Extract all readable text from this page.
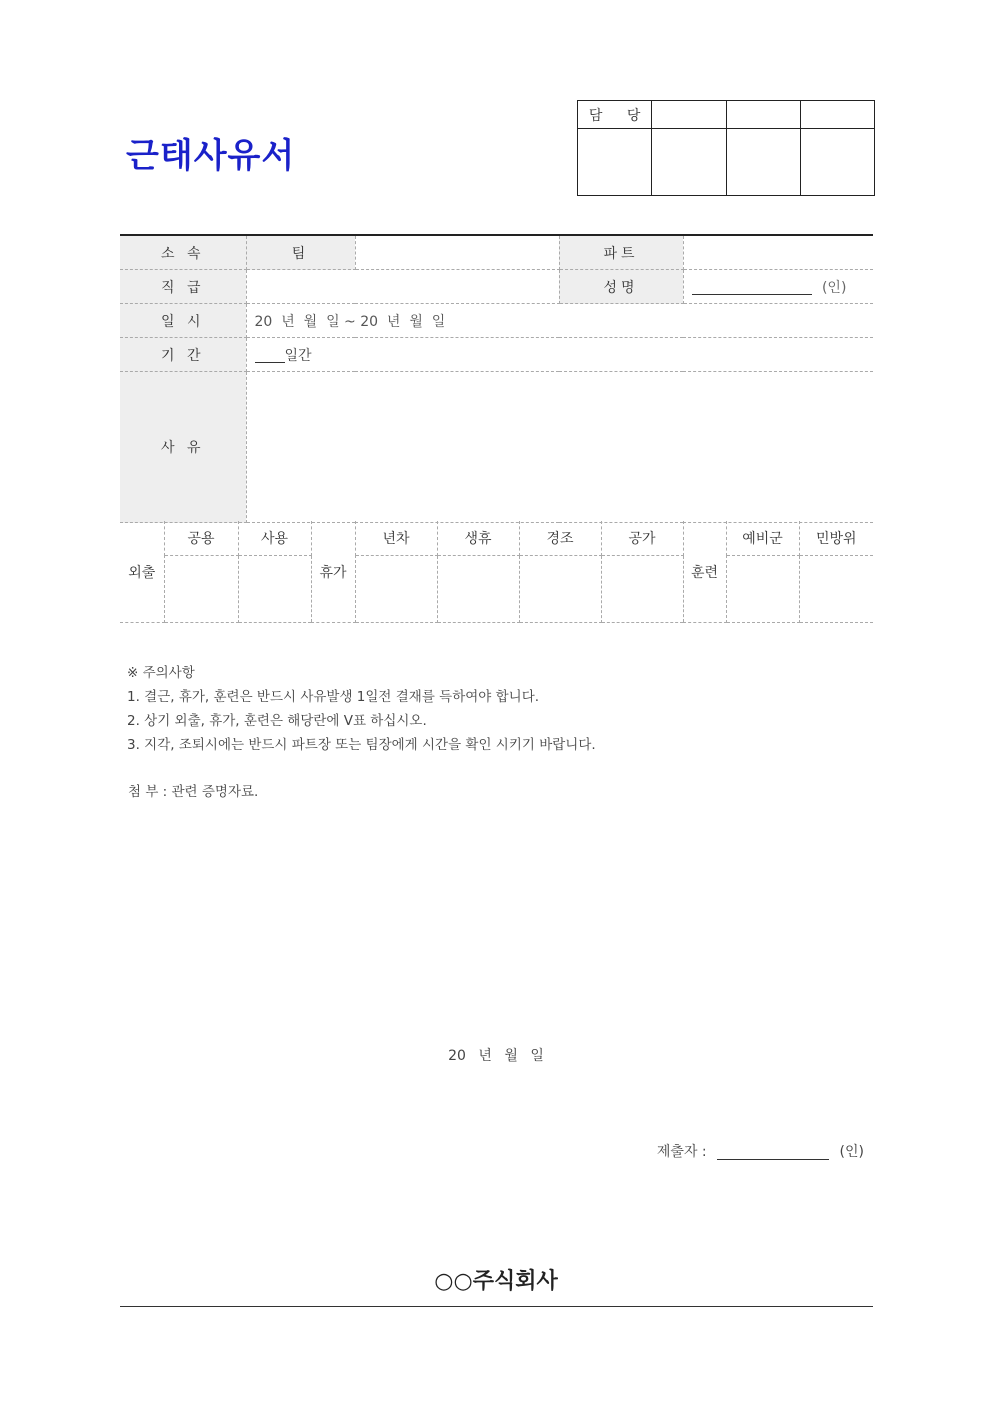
근태사유서
담 당			

소 속	팀		파트	
직 급			성명	(인)
일 시	20  년  월  일 ~ 20  년  월  일			
기 간	일간			
사 유				
외출	공용	사용	휴가	년차	생휴	경조	공가	훈련	예비군	민방위

※ 주의사항
1. 결근, 휴가, 훈련은 반드시 사유발생 1일전 결재를 득하여야 합니다.
2. 상기 외출, 휴가, 훈련은 해당란에 V표 하십시오.
3. 지각, 조퇴시에는 반드시 파트장 또는 팀장에게 시간을 확인 시키기 바랍니다.
첨 부 : 관련 증명자료.
20 년 월 일
제출자 :	(인)
○○주식회사
